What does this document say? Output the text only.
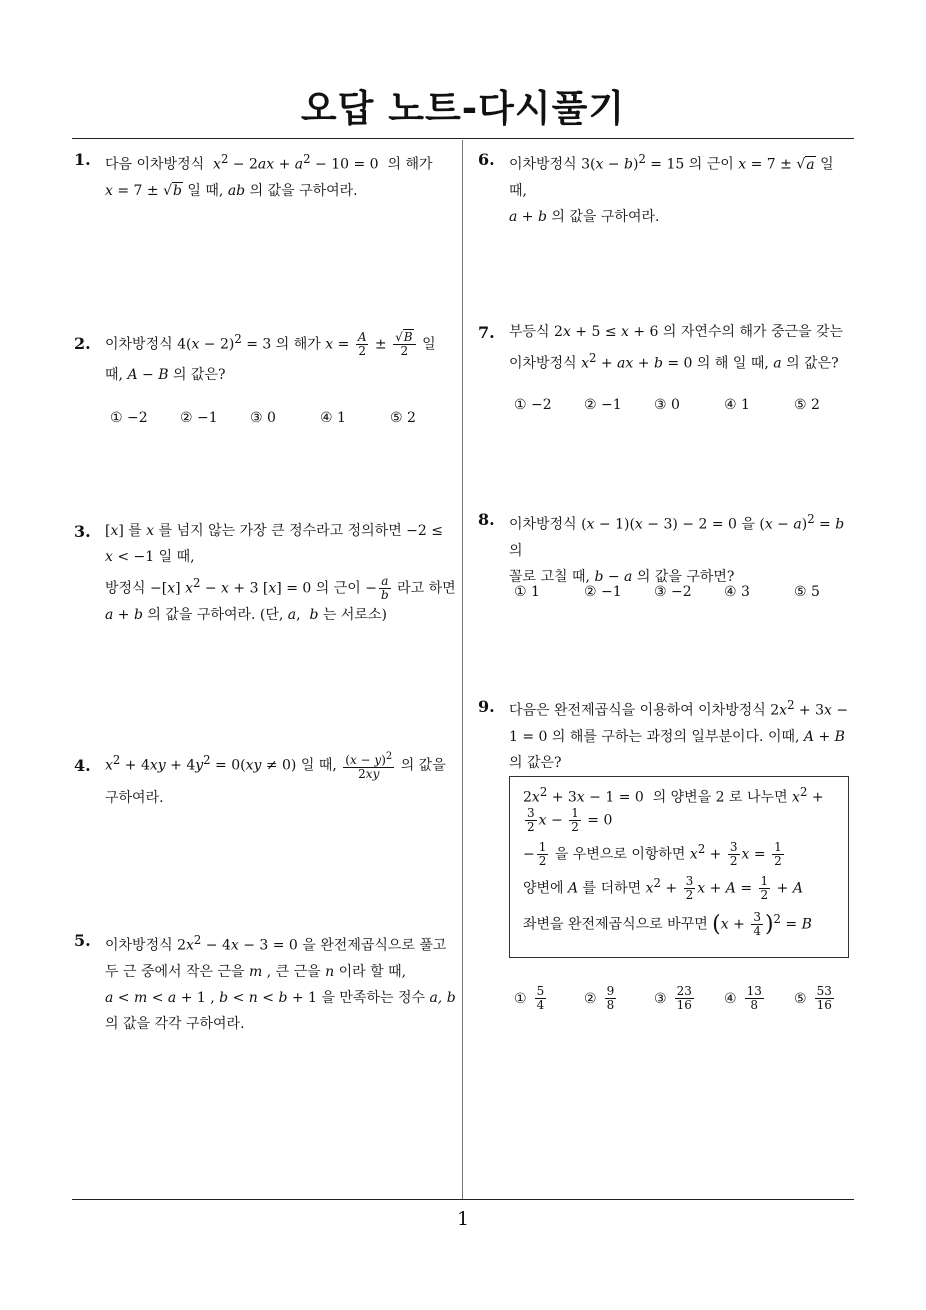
오답 노트-다시풀기
1
1. 다음 이차방정식 $x^2 - 2ax + a^2 - 10 = 0$  의 해가
x = 7 ± √b 일 때, ab 의 값을 구하여라.
2. 이차방정식 $4(x - 2)^2 = 3$ 의 해가 $x = \frac{A}{2} \pm \frac{√B}{2}$ 일
때, A − B 의 값은?
① −2 ② −1 ③ 0	④ 1	⑤ 2
3. [x] 를 x 를 넘지 않는 가장 큰 정수라고 정의하면 −2 ≤
x < −1 일 때,
방정식 −[x] $x^2 - x + 3$ [x] = 0 의 근이 − $\frac{a}{b}$ 라고 하면
a + b 의 값을 구하여라. (단, a,  b 는 서로소)
4. $x^2 + 4xy + 4y^2 = 0(xy \ne 0)$ 일 때, $\frac{(x - y)^2}{2xy}$ 의 값을
구하여라.
5. 이차방정식 $2x^2 - 4x - 3 = 0$ 을 완전제곱식으로 풀고
두 근 중에서 작은 근을 m , 큰 근을 n 이라 할 때,
a < m < a + 1 , b < n < b + 1 을 만족하는 정수 a, b
의 값을 각각 구하여라.
6. 이차방정식 $3(x - b)^2 = 15$ 의 근이 x = 7 ± √a 일 때,
a + b 의 값을 구하여라.
7. 부등식 2x + 5 ≤ x + 6 의 자연수의 해가 중근을 갖는
이차방정식 $x^2$ + ax + b = 0 의 해 일 때, a 의 값은?
① −2 ② −1 ③ 0	④ 1	⑤ 2
8. 이차방정식 (x − 1)(x − 3) − 2 = 0 을 $(x - a)^2 = b$ 의
꼴로 고칠 때, b − a 의 값을 구하면?
① 1	② −1 ③ −2 ④ 3	⑤ 5
9. 다음은 완전제곱식을 이용하여 이차방정식 $2x^2 + 3x$ −
1 = 0 의 해를 구하는 과정의 일부분이다. 이때, A + B
의 값은?
$2x^2 + 3x - 1 = 0$  의 양변을 2 로 나누면 $x^2$ +
$\frac{3}{2}$ $x - \frac{1}{2} = 0$
− $\frac{1}{2}$ 을 우변으로 이항하면 $x^2 + \frac{3}{2}$ $x = \frac{1}{2}$
양변에 A 를 더하면 $x^2 + \frac{3}{2}$ $x + A = \frac{1}{2} + A$
좌변을 완전제곱식으로 바꾸면 $(x + \frac{3}{4} )^2 = B$
① $\frac{5}{4}$	② $\frac{9}{8}$	③ $\frac{23}{16}$ ④ $\frac{13}{8}$ ⑤ $\frac{53}{16}$
